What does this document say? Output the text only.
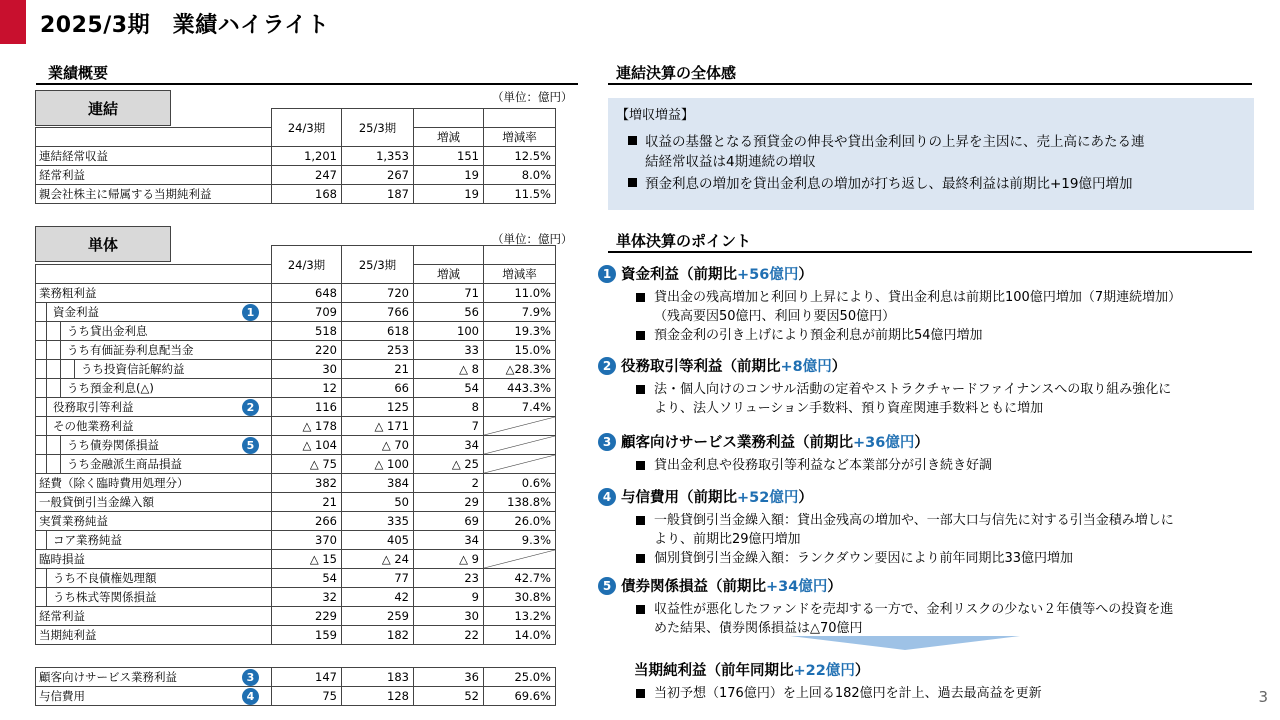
2025/3期　業績ハイライト
業績概要
連結
（単位：億円）
	24/3期	25/3期		
			増減	増減率
連結経常収益	1,201	1,353	151	12.5%
経常利益	247	267	19	8.0%
親会社株主に帰属する当期純利益	168	187	19	11.5%
単体	（単位：億円）
	24/3期	25/3期		
			増減	増減率
業務粗利益	648	720	71	11.0%
資金利益 1	709	766	56	7.9%
うち貸出金利息	518	618	100	19.3%
うち有価証券利息配当金	220	253	33	15.0%
うち投資信託解約益	30	21	△ 8	△28.3%
うち預金利息(△)	12	66	54	443.3%
役務取引等利益 2	116	125	8	7.4%
その他業務利益	△ 178	△ 171	7	

うち債券関係損益 5	△ 104	△ 70	34	

うち金融派生商品損益	△ 75	△ 100	△ 25	

経費（除く臨時費用処理分）	382	384	2	0.6%
一般貸倒引当金繰入額	21	50	29	138.8%
実質業務純益	266	335	69	26.0%
コア業務純益	370	405	34	9.3%
臨時損益	△ 15	△ 24	△ 9	

うち不良債権処理額	54	77	23	42.7%
うち株式等関係損益	32	42	9	30.8%
経常利益	229	259	30	13.2%
当期純利益	159	182	22	14.0%
顧客向けサービス業務利益 3	147	183	36	25.0%
与信費用 4	75	128	52	69.6%
連結決算の全体感
【増収増益】
収益の基盤となる預貸金の伸長や貸出金利回りの上昇を主因に、売上高にあたる連
結経常収益は4期連続の増収
預金利息の増加を貸出金利息の増加が打ち返し、最終利益は前期比+19億円増加
単体決算のポイント
1 資金利益（前期比 +56億円 ）
貸出金の残高増加と利回り上昇により、貸出金利息は前期比100億円増加（7期連続増加）
（残高要因50億円、利回り要因50億円）
預金金利の引き上げにより預金利息が前期比54億円増加
2 役務取引等利益（前期比 +8億円 ）
法・個人向けのコンサル活動の定着やストラクチャードファイナンスへの取り組み強化に
より、法人ソリューション手数料、預り資産関連手数料ともに増加
3 顧客向けサービス業務利益（前期比 +36億円 ）
貸出金利息や役務取引等利益など本業部分が引き続き好調
4 与信費用（前期比 +52億円 ）
一般貸倒引当金繰入額：貸出金残高の増加や、一部大口与信先に対する引当金積み増しに
より、前期比29億円増加
個別貸倒引当金繰入額：ランクダウン要因により前年同期比33億円増加
5 債券関係損益（前期比 +34億円 ）
収益性が悪化したファンドを売却する一方で、金利リスクの少ない２年債等への投資を進
めた結果、債券関係損益は△70億円
当期純利益（前年同期比 +22億円 ）
当初予想（176億円）を上回る182億円を計上、過去最高益を更新	3
